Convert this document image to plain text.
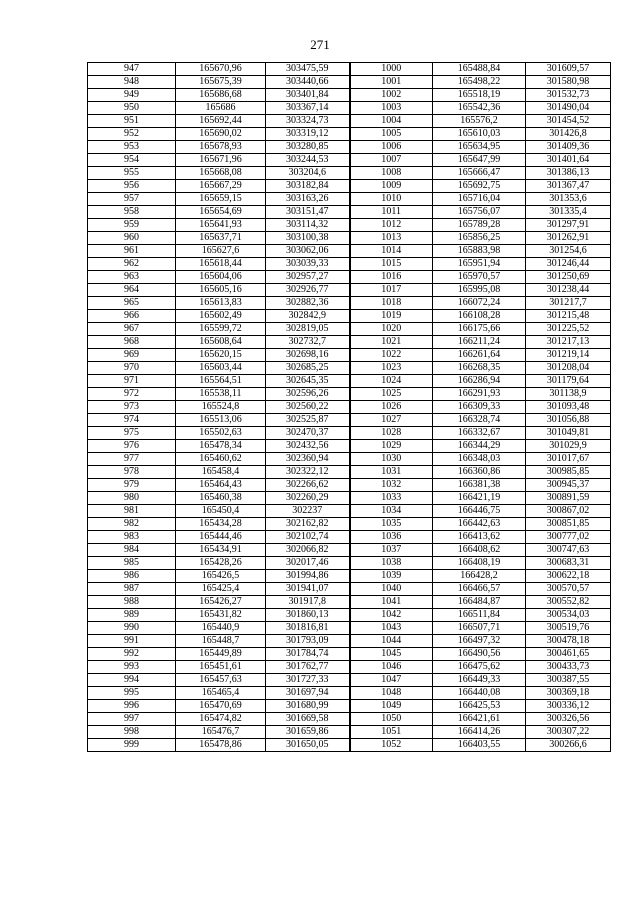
271
947	165670,96	303475,59	1000	165488,84	301609,57
948	165675,39	303440,66	1001	165498,22	301580,98
949	165686,68	303401,84	1002	165518,19	301532,73
950	165686	303367,14	1003	165542,36	301490,04
951	165692,44	303324,73	1004	165576,2	301454,52
952	165690,02	303319,12	1005	165610,03	301426,8
953	165678,93	303280,85	1006	165634,95	301409,36
954	165671,96	303244,53	1007	165647,99	301401,64
955	165668,08	303204,6	1008	165666,47	301386,13
956	165667,29	303182,84	1009	165692,75	301367,47
957	165659,15	303163,26	1010	165716,04	301353,6
958	165654,69	303151,47	1011	165756,07	301335,4
959	165641,93	303114,32	1012	165789,28	301297,91
960	165637,71	303100,38	1013	165856,25	301262,91
961	165627,6	303062,06	1014	165883,98	301254,6
962	165618,44	303039,33	1015	165951,94	301246,44
963	165604,06	302957,27	1016	165970,57	301250,69
964	165605,16	302926,77	1017	165995,08	301238,44
965	165613,83	302882,36	1018	166072,24	301217,7
966	165602,49	302842,9	1019	166108,28	301215,48
967	165599,72	302819,05	1020	166175,66	301225,52
968	165608,64	302732,7	1021	166211,24	301217,13
969	165620,15	302698,16	1022	166261,64	301219,14
970	165603,44	302685,25	1023	166268,35	301208,04
971	165564,51	302645,35	1024	166286,94	301179,64
972	165538,11	302596,26	1025	166291,93	301138,9
973	165524,8	302560,22	1026	166309,33	301093,48
974	165513,06	302525,87	1027	166328,74	301056,88
975	165502,63	302470,37	1028	166332,67	301049,81
976	165478,34	302432,56	1029	166344,29	301029,9
977	165460,62	302360,94	1030	166348,03	301017,67
978	165458,4	302322,12	1031	166360,86	300985,85
979	165464,43	302266,62	1032	166381,38	300945,37
980	165460,38	302260,29	1033	166421,19	300891,59
981	165450,4	302237	1034	166446,75	300867,02
982	165434,28	302162,82	1035	166442,63	300851,85
983	165444,46	302102,74	1036	166413,62	300777,02
984	165434,91	302066,82	1037	166408,62	300747,63
985	165428,26	302017,46	1038	166408,19	300683,31
986	165426,5	301994,86	1039	166428,2	300622,18
987	165425,4	301941,07	1040	166466,57	300570,57
988	165426,27	301917,8	1041	166484,87	300552,82
989	165431,82	301860,13	1042	166511,84	300534,03
990	165440,9	301816,81	1043	166507,71	300519,76
991	165448,7	301793,09	1044	166497,32	300478,18
992	165449,89	301784,74	1045	166490,56	300461,65
993	165451,61	301762,77	1046	166475,62	300433,73
994	165457,63	301727,33	1047	166449,33	300387,55
995	165465,4	301697,94	1048	166440,08	300369,18
996	165470,69	301680,99	1049	166425,53	300336,12
997	165474,82	301669,58	1050	166421,61	300326,56
998	165476,7	301659,86	1051	166414,26	300307,22
999	165478,86	301650,05	1052	166403,55	300266,6
